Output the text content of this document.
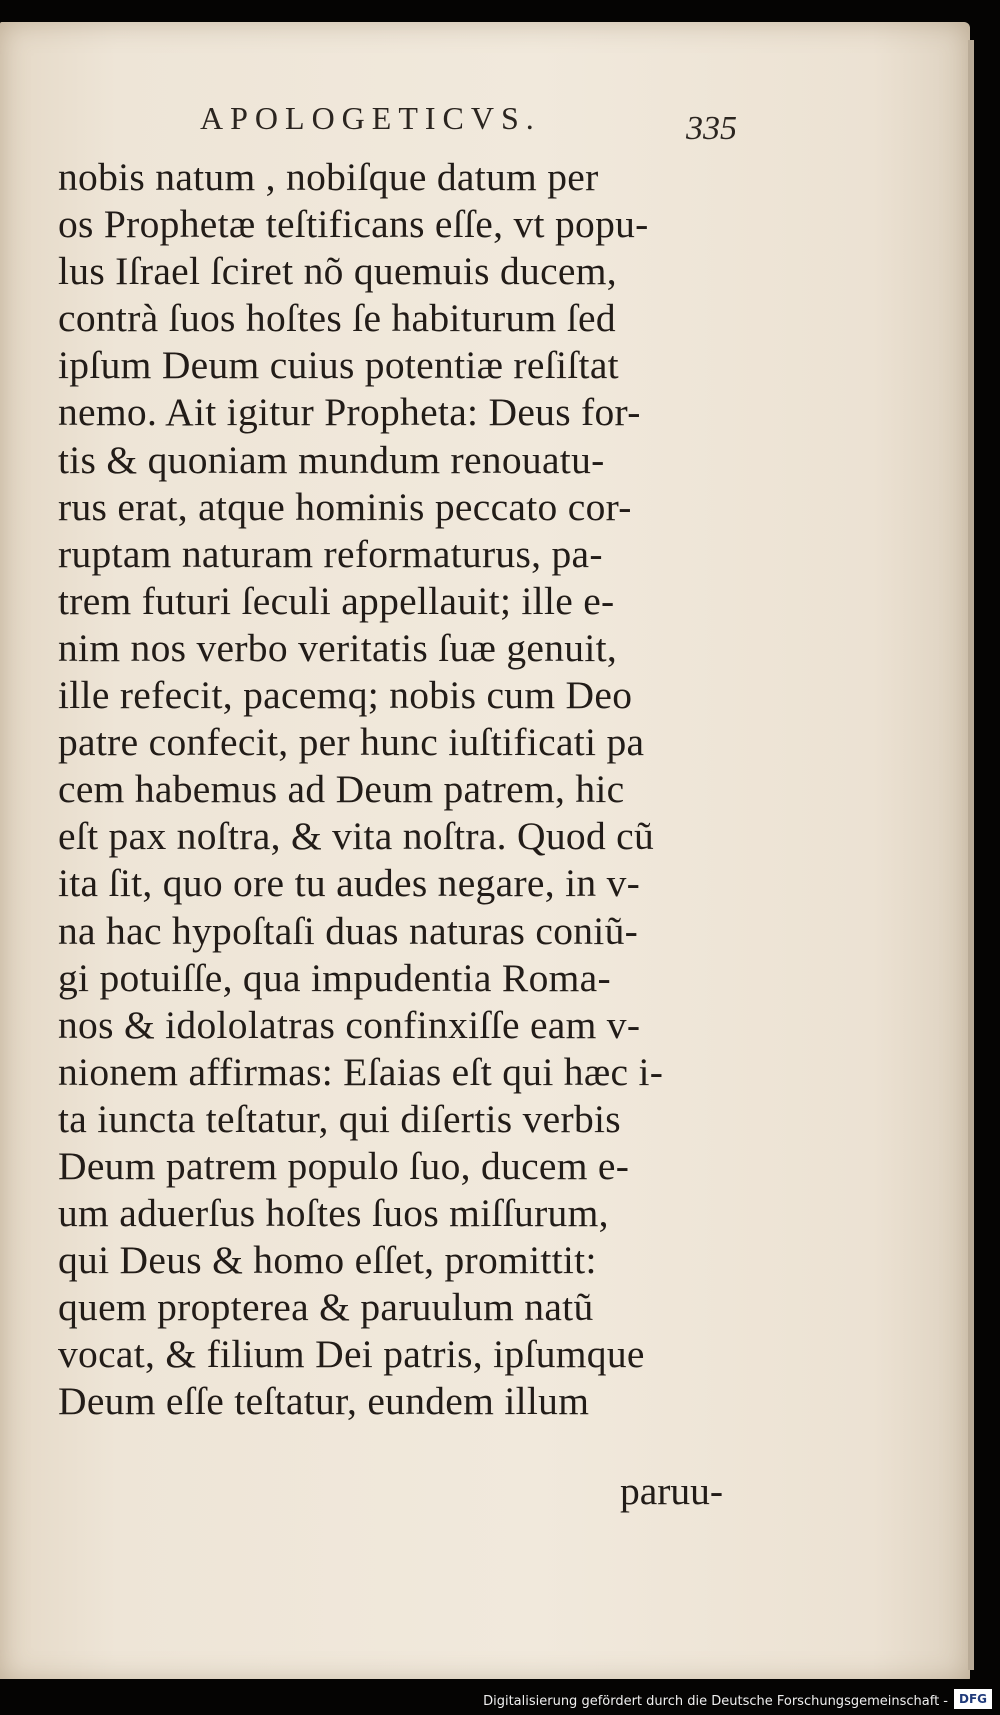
APOLOGETICVS.	335
nobis natum , nobiſque datum per
os Prophetæ teſtificans eſſe, vt popu-
lus Iſrael ſciret nõ quemuis ducem,
contrà ſuos hoſtes ſe habiturum ſed
ipſum Deum cuius potentiæ reſiſtat
nemo. Ait igitur Propheta: Deus for-
tis & quoniam mundum renouatu-
rus erat, atque hominis peccato cor-
ruptam naturam reformaturus, pa-
trem futuri ſeculi appellauit; ille e-
nim nos verbo veritatis ſuæ genuit,
ille refecit, pacemq; nobis cum Deo
patre confecit, per hunc iuſtificati pa
cem habemus ad Deum patrem, hic
eſt pax noſtra, & vita noſtra. Quod cũ
ita ſit, quo ore tu audes negare, in v-
na hac hypoſtaſi duas naturas coniũ-
gi potuiſſe, qua impudentia Roma-
nos & idololatras confinxiſſe eam v-
nionem affirmas: Eſaias eſt qui hæc i-
ta iuncta teſtatur, qui diſertis verbis
Deum patrem populo ſuo, ducem e-
um aduerſus hoſtes ſuos miſſurum,
qui Deus & homo eſſet, promittit:
quem propterea & paruulum natũ
vocat, & filium Dei patris, ipſumque
Deum eſſe teſtatur, eundem illum
paruu-
Digitalisierung gefördert durch die Deutsche Forschungsgemeinschaft - DFG
